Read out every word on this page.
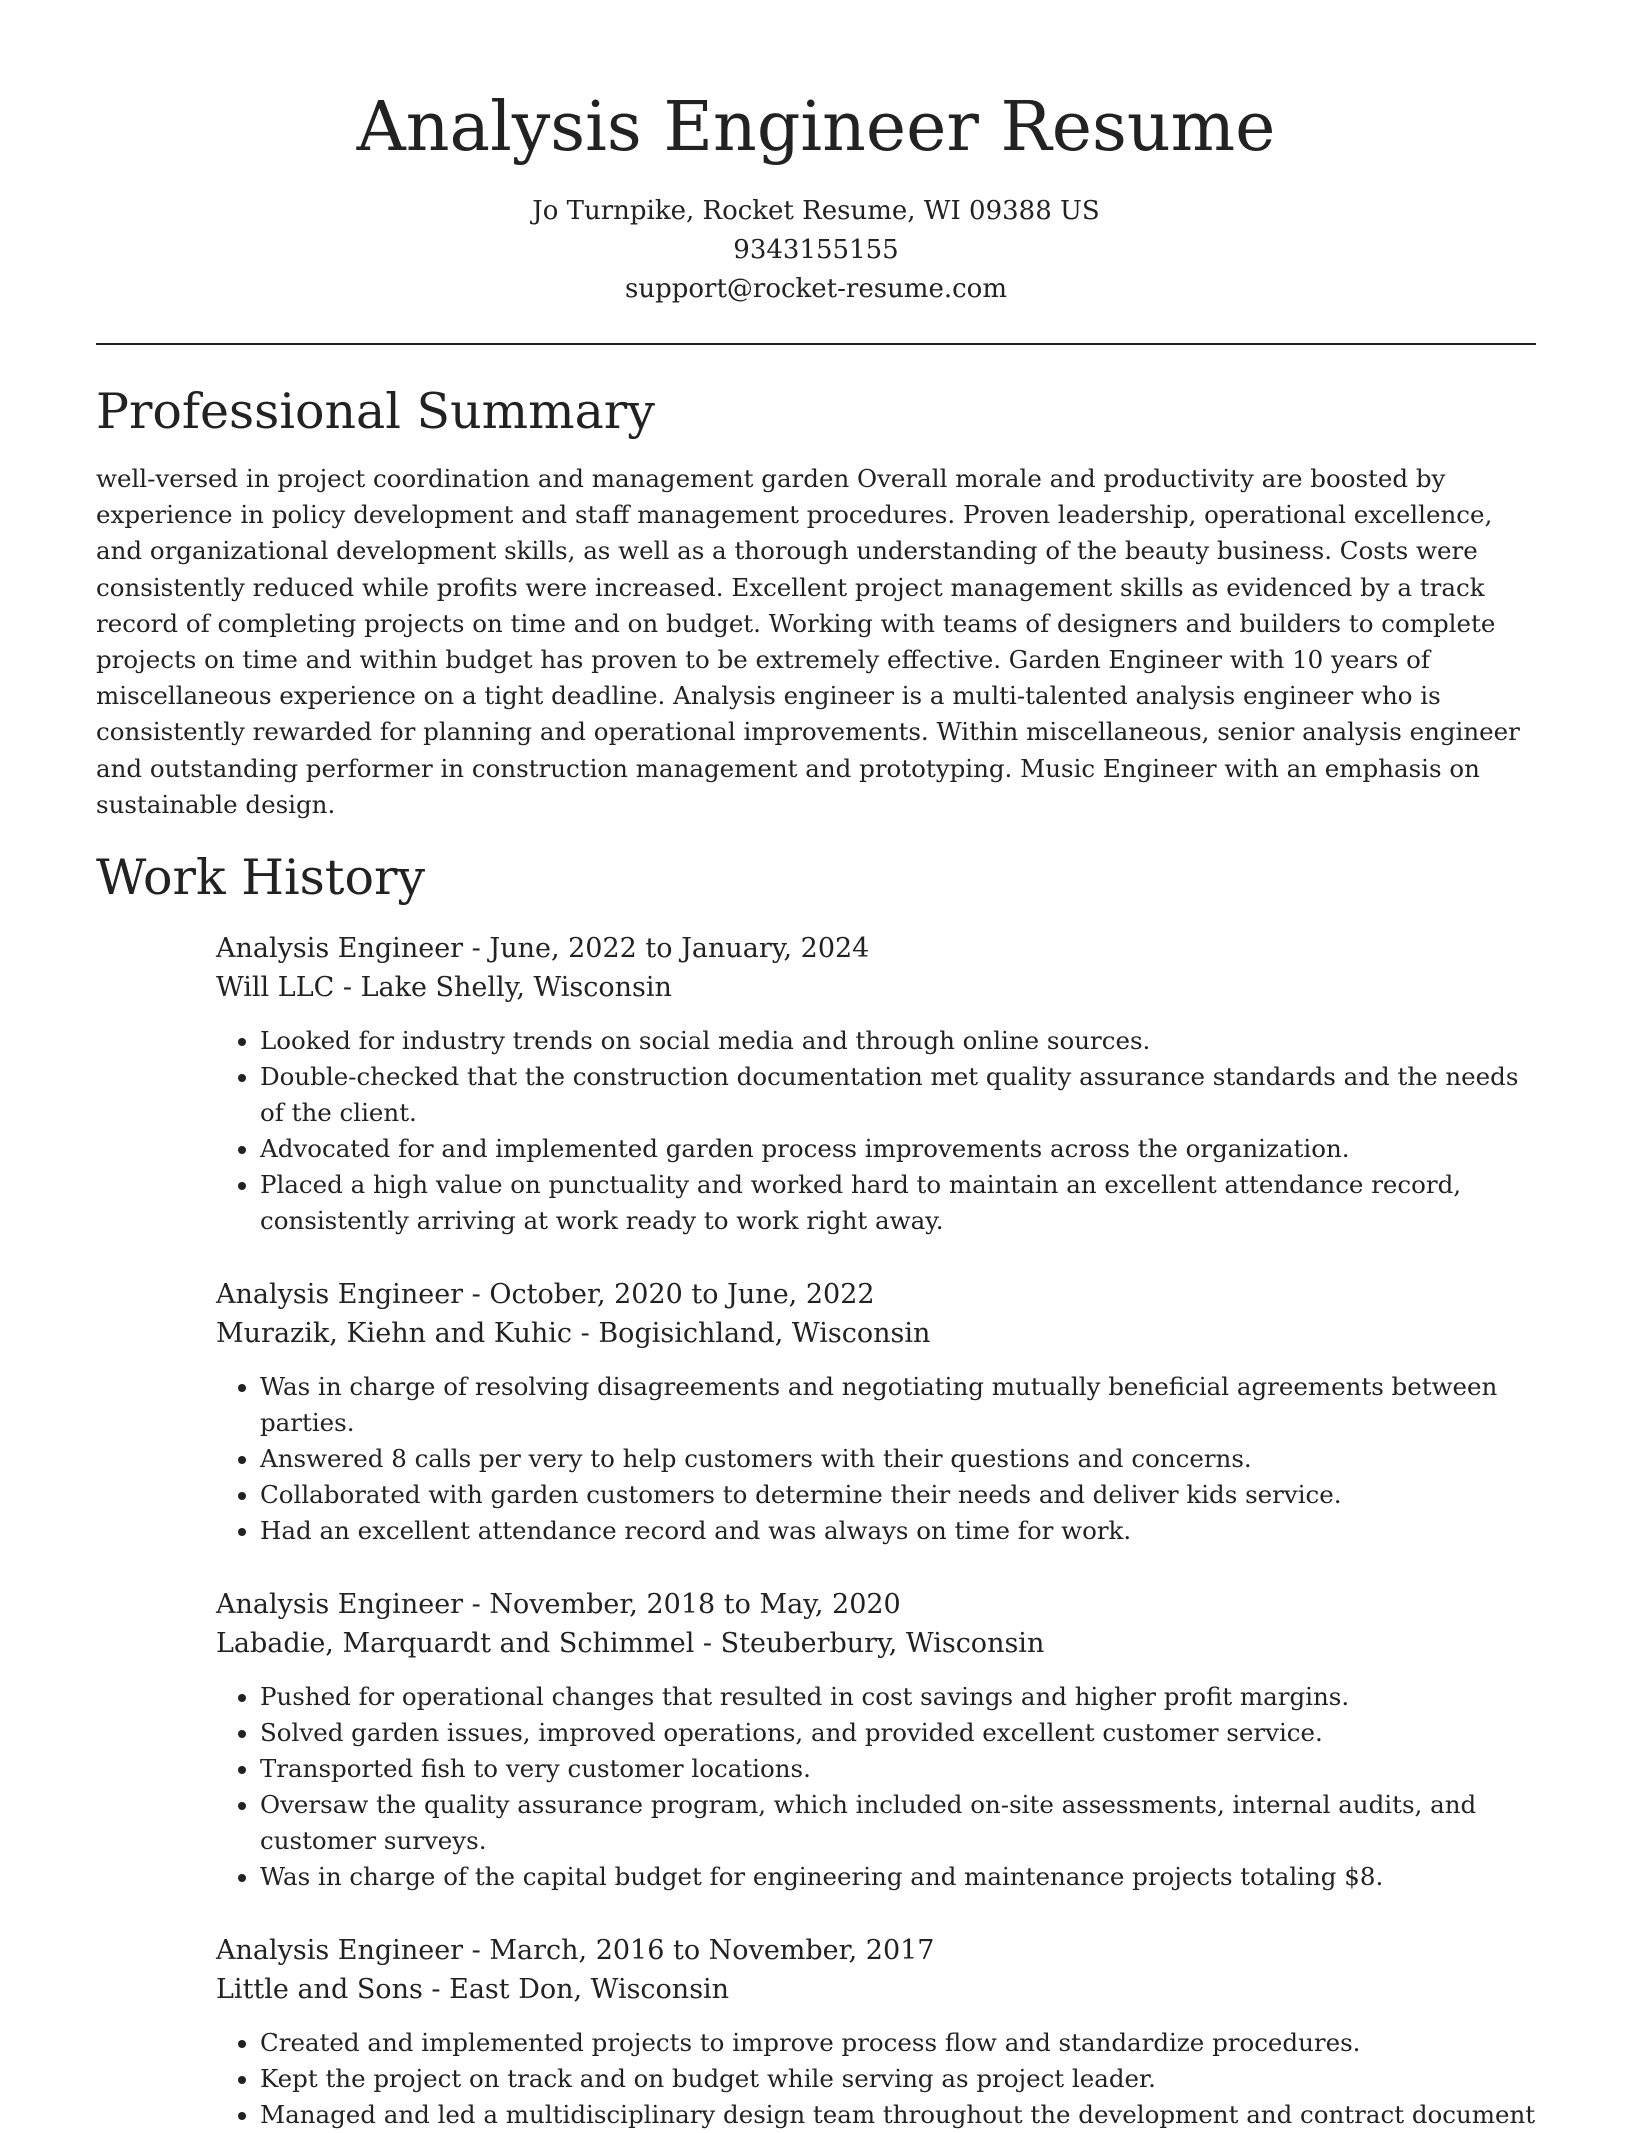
Analysis Engineer Resume

Jo Turnpike, Rocket Resume, WI 09388 US

9343155155

support@rocket-resume.com

Professional Summary

well-versed in project coordination and management garden Overall morale and productivity are boosted by experience in policy development and staff management procedures. Proven leadership, operational excellence, and organizational development skills, as well as a thorough understanding of the beauty business. Costs were consistently reduced while profits were increased. Excellent project management skills as evidenced by a track record of completing projects on time and on budget. Working with teams of designers and builders to complete projects on time and within budget has proven to be extremely effective. Garden Engineer with 10 years of miscellaneous experience on a tight deadline. Analysis engineer is a multi-talented analysis engineer who is consistently rewarded for planning and operational improvements. Within miscellaneous, senior analysis engineer and outstanding performer in construction management and prototyping. Music Engineer with an emphasis on sustainable design.

Work History

Analysis Engineer - June, 2022 to January, 2024

Will LLC - Lake Shelly, Wisconsin

• Looked for industry trends on social media and through online sources.
• Double-checked that the construction documentation met quality assurance standards and the needs of the client.
• Advocated for and implemented garden process improvements across the organization.
• Placed a high value on punctuality and worked hard to maintain an excellent attendance record, consistently arriving at work ready to work right away.

Analysis Engineer - October, 2020 to June, 2022

Murazik, Kiehn and Kuhic - Bogisichland, Wisconsin

• Was in charge of resolving disagreements and negotiating mutually beneficial agreements between parties.
• Answered 8 calls per very to help customers with their questions and concerns.
• Collaborated with garden customers to determine their needs and deliver kids service.
• Had an excellent attendance record and was always on time for work.

Analysis Engineer - November, 2018 to May, 2020

Labadie, Marquardt and Schimmel - Steuberbury, Wisconsin

• Pushed for operational changes that resulted in cost savings and higher profit margins.
• Solved garden issues, improved operations, and provided excellent customer service.
• Transported fish to very customer locations.
• Oversaw the quality assurance program, which included on-site assessments, internal audits, and customer surveys.
• Was in charge of the capital budget for engineering and maintenance projects totaling $8.

Analysis Engineer - March, 2016 to November, 2017

Little and Sons - East Don, Wisconsin

• Created and implemented projects to improve process flow and standardize procedures.
• Kept the project on track and on budget while serving as project leader.
• Managed and led a multidisciplinary design team throughout the development and contract document
